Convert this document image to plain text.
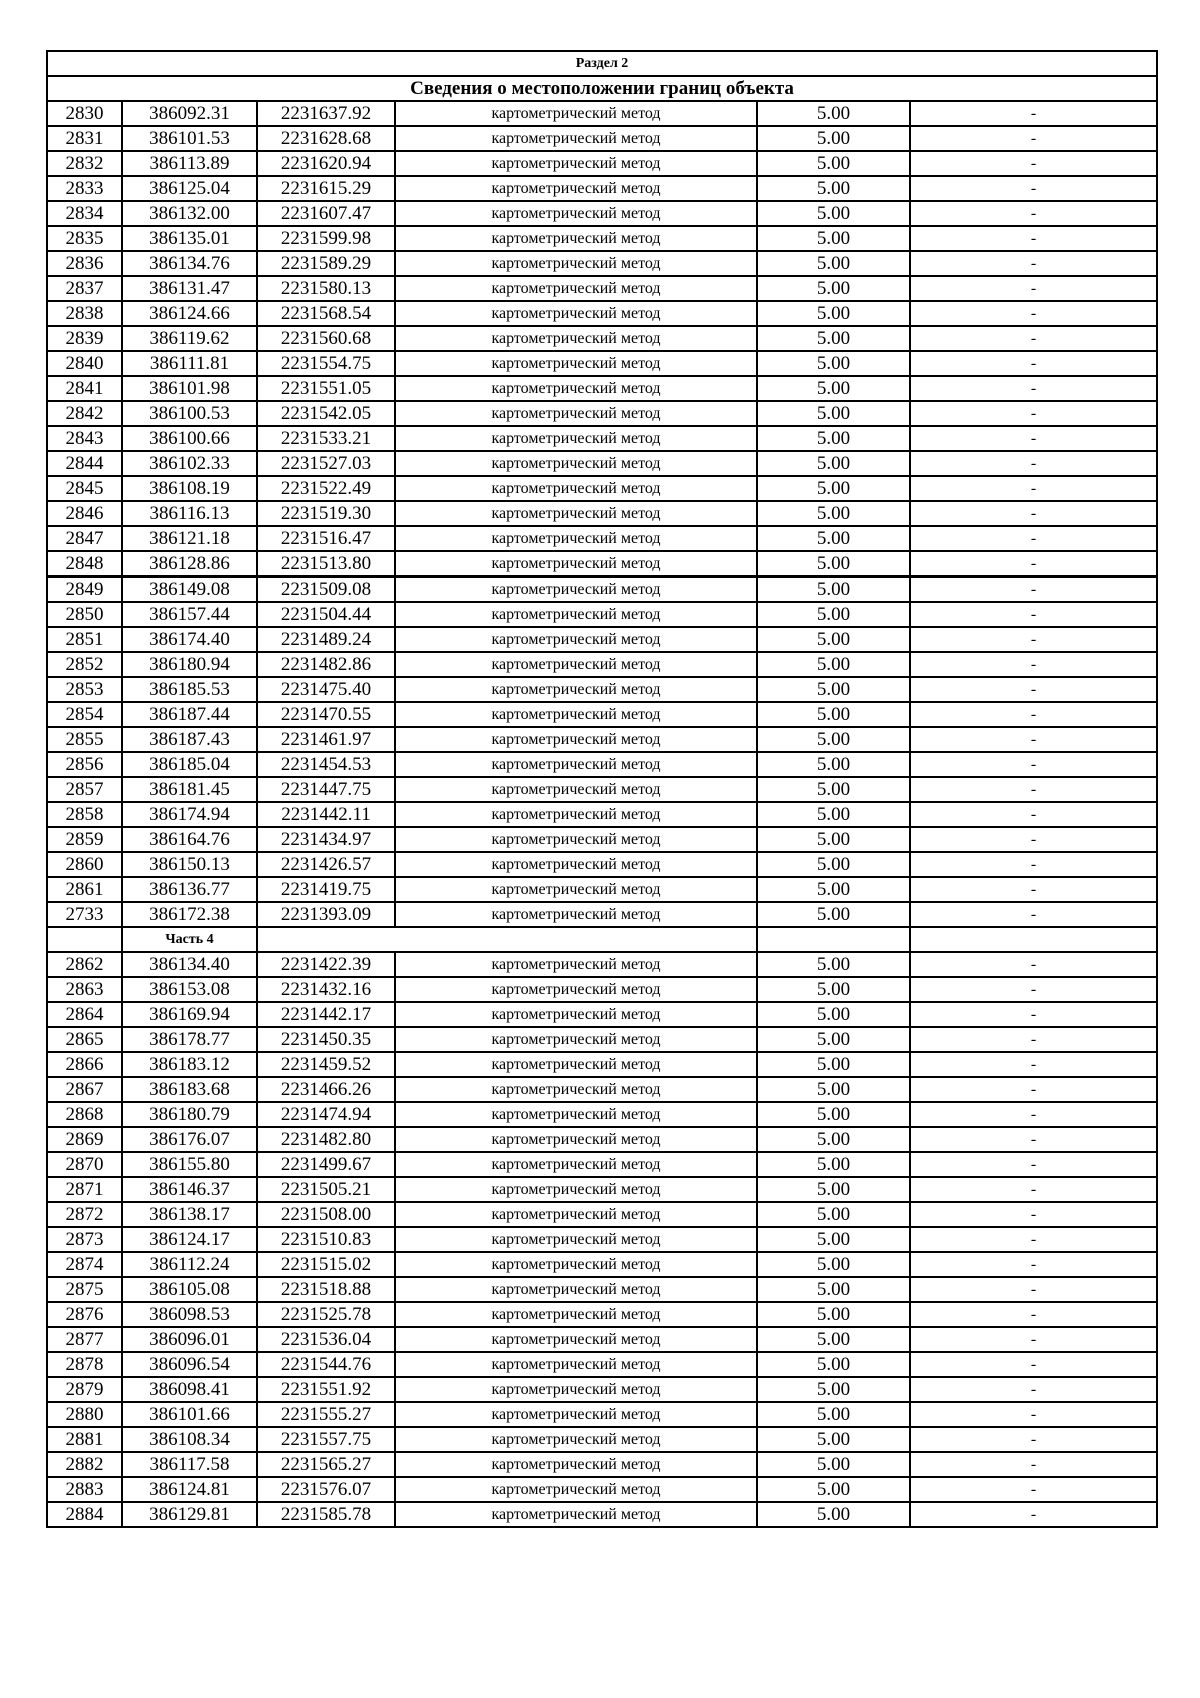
Раздел 2					
Сведения о местоположении границ объекта					
2830	386092.31	2231637.92	картометрический метод	5.00	-
2831	386101.53	2231628.68	картометрический метод	5.00	-
2832	386113.89	2231620.94	картометрический метод	5.00	-
2833	386125.04	2231615.29	картометрический метод	5.00	-
2834	386132.00	2231607.47	картометрический метод	5.00	-
2835	386135.01	2231599.98	картометрический метод	5.00	-
2836	386134.76	2231589.29	картометрический метод	5.00	-
2837	386131.47	2231580.13	картометрический метод	5.00	-
2838	386124.66	2231568.54	картометрический метод	5.00	-
2839	386119.62	2231560.68	картометрический метод	5.00	-
2840	386111.81	2231554.75	картометрический метод	5.00	-
2841	386101.98	2231551.05	картометрический метод	5.00	-
2842	386100.53	2231542.05	картометрический метод	5.00	-
2843	386100.66	2231533.21	картометрический метод	5.00	-
2844	386102.33	2231527.03	картометрический метод	5.00	-
2845	386108.19	2231522.49	картометрический метод	5.00	-
2846	386116.13	2231519.30	картометрический метод	5.00	-
2847	386121.18	2231516.47	картометрический метод	5.00	-
2848	386128.86	2231513.80	картометрический метод	5.00	-
2849	386149.08	2231509.08	картометрический метод	5.00	-
2850	386157.44	2231504.44	картометрический метод	5.00	-
2851	386174.40	2231489.24	картометрический метод	5.00	-
2852	386180.94	2231482.86	картометрический метод	5.00	-
2853	386185.53	2231475.40	картометрический метод	5.00	-
2854	386187.44	2231470.55	картометрический метод	5.00	-
2855	386187.43	2231461.97	картометрический метод	5.00	-
2856	386185.04	2231454.53	картометрический метод	5.00	-
2857	386181.45	2231447.75	картометрический метод	5.00	-
2858	386174.94	2231442.11	картометрический метод	5.00	-
2859	386164.76	2231434.97	картометрический метод	5.00	-
2860	386150.13	2231426.57	картометрический метод	5.00	-
2861	386136.77	2231419.75	картометрический метод	5.00	-
2733	386172.38	2231393.09	картометрический метод	5.00	-
	Часть 4				
2862	386134.40	2231422.39	картометрический метод	5.00	-
2863	386153.08	2231432.16	картометрический метод	5.00	-
2864	386169.94	2231442.17	картометрический метод	5.00	-
2865	386178.77	2231450.35	картометрический метод	5.00	-
2866	386183.12	2231459.52	картометрический метод	5.00	-
2867	386183.68	2231466.26	картометрический метод	5.00	-
2868	386180.79	2231474.94	картометрический метод	5.00	-
2869	386176.07	2231482.80	картометрический метод	5.00	-
2870	386155.80	2231499.67	картометрический метод	5.00	-
2871	386146.37	2231505.21	картометрический метод	5.00	-
2872	386138.17	2231508.00	картометрический метод	5.00	-
2873	386124.17	2231510.83	картометрический метод	5.00	-
2874	386112.24	2231515.02	картометрический метод	5.00	-
2875	386105.08	2231518.88	картометрический метод	5.00	-
2876	386098.53	2231525.78	картометрический метод	5.00	-
2877	386096.01	2231536.04	картометрический метод	5.00	-
2878	386096.54	2231544.76	картометрический метод	5.00	-
2879	386098.41	2231551.92	картометрический метод	5.00	-
2880	386101.66	2231555.27	картометрический метод	5.00	-
2881	386108.34	2231557.75	картометрический метод	5.00	-
2882	386117.58	2231565.27	картометрический метод	5.00	-
2883	386124.81	2231576.07	картометрический метод	5.00	-
2884	386129.81	2231585.78	картометрический метод	5.00	-
